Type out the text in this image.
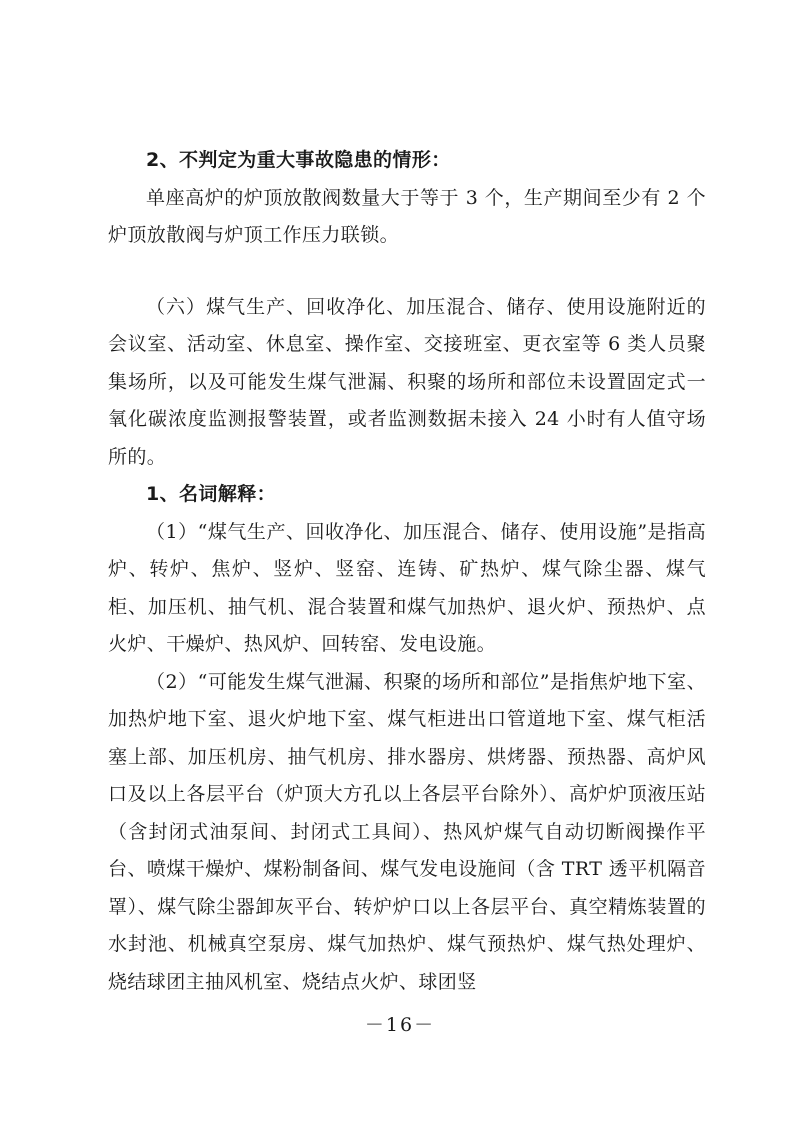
2、不判定为重大事故隐患的情形：
单座高炉的炉顶放散阀数量大于等于 3 个，生产期间至少有 2 个炉顶放散阀与炉顶工作压力联锁。
（六）煤气生产、回收净化、加压混合、储存、使用设施附近的会议室、活动室、休息室、操作室、交接班室、更衣室等 6 类人员聚集场所，以及可能发生煤气泄漏、积聚的场所和部位未设置固定式一氧化碳浓度监测报警装置，或者监测数据未接入 24 小时有人值守场所的。
1、名词解释：
（1）“煤气生产、回收净化、加压混合、储存、使用设施”是指高炉、转炉、焦炉、竖炉、竖窑、连铸、矿热炉、煤气除尘器、煤气柜、加压机、抽气机、混合装置和煤气加热炉、退火炉、预热炉、点火炉、干燥炉、热风炉、回转窑、发电设施。
（2）“可能发生煤气泄漏、积聚的场所和部位”是指焦炉地下室、加热炉地下室、退火炉地下室、煤气柜进出口管道地下室、煤气柜活塞上部、加压机房、抽气机房、排水器房、烘烤器、预热器、高炉风口及以上各层平台（炉顶大方孔以上各层平台除外）、高炉炉顶液压站（含封闭式油泵间、封闭式工具间）、热风炉煤气自动切断阀操作平台、喷煤干燥炉、煤粉制备间、煤气发电设施间（含 TRT 透平机隔音罩）、煤气除尘器卸灰平台、转炉炉口以上各层平台、真空精炼装置的水封池、机械真空泵房、煤气加热炉、煤气预热炉、煤气热处理炉、烧结球团主抽风机室、烧结点火炉、球团竖
－16－
